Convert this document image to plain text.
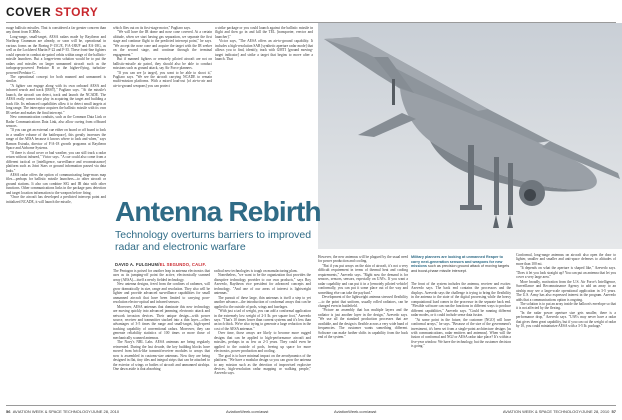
COVER STORY

ruage ballistic missiles. That is considered a far greater concern than any threat from ICBMs.

Long-range, small-target, AESA radars made by Raytheon and Northrop Grumman are already, or soon will be, operational in various forms on the Boeing F-15C/E, F/A-18E/F and EA-18G, as well as the Lockheed Martin F-22 and F-35. These front-line fighters could operate in combat air-patrol orbits within range of the ballistic-missile launchers. But a longer-term solution would be to put the radars and missiles on larger unmanned aircraft such as the turboprop-powered Predator B or the higher-flying, turbofan-powered Predator C.

The operational concept for both manned and unmanned is similar.

"A fighter can engage along with its own onboard AESA and infrared search and track [IRST]," Pagliaro says. "At the missile's launch, the aircraft can detect, track and launch the NCADE. The AESA really comes into play in acquiring the target and building a track file. Its enhanced capabilities allow it to detect small targets at long range. The interceptor acquires the ballistic missile with its own IR seeker and makes the final intercept."

New communication conduits, such as the Common Data Link or Radar Communications Data Link, also allow cueing from offboard sensors.

"If you can get an external cue either on board or off board to look in a smaller volume of the battlespace], this greatly increases the range of the AESA because it knows where to look and when," says Ramon Estrada, director of F/A-18 growth programs at Raytheon Space and Airborne Systems.

"If there is cloud cover or bad weather, you can still track a radar return without infrared," Victor says. "A cue could also come from a different tactical or [intelligence, surveillance and reconnaissance] platform such as Joint Stars or ground information passed via data links."

AESA radar offers the option of communicating large-mass map files—perhaps for ballistic missile launchers—to other aircraft or ground stations. It also can combine SIG and IR data with other functions. Other communications links in the package pass detection and target location information to the weapon before firing.

"Once the aircraft has developed a predicted intercept point and initialized NCADE, it will launch the missile,

which flies out on its first-stage motor," Pagliaro says.

"We will have the IR dome and nose cone covered. At a certain altitude, when we start having gas separation, we separate the first stage and continue flight to the predicted intercept point," he says. "We accept the nose cone and acquire the target with the IR seeker on the second stage, and continue through the terminal engagement."

But if manned fighters or remotely piloted aircraft are not on ballistic-missile air patrol, they should also be able to conduct missions such as ground attack, say Air Force planners.

"If you can see [a target], you want to be able to shoot it," Pagliaro says. "We see the aircraft carrying NCADE to remain multi-mission platforms. With a mixed load-out [of air-to-air and air-to-ground weapons] you can protect

a strike package or you could launch against the ballistic missile in flight and then go in and kill the TEL [transporter, erector and launcher]."

Victor says, "The AESA offers an air-to-ground capability. It includes a high-resolution SAR [synthetic aperture radar mode] that allows you to find, identify, track with GMTI [ground moving-target indicator] and strike a target that begins to move after a launch. That

Antenna Rebirth
Technology overturns barriers to improved radar and electronic warfare
DAVID A. FULGHUM/EL SEGUNDO, CALIF.

The Pentagon is poised for another leap in antenna electronics that uses as its jumping-off point the active, electronically scanned array (AESA)—itself a newly fielded technology.

New antenna designs, freed from the confines of radomes, will grow dramatically in size, range and resolution. They also will be lighter and provide advanced surveillance capabilities for small unmanned aircraft that have been limited to carrying poor-resolution electro-optical and infrared sensors.

Moreover, AESA antennas that dominate this new technology are moving quickly into advanced jamming, electronic attack and network invasion devices. Their unique design—with power source, receiver and transmitter stacked into a thin layer—offers advantages of 3-5 times the range and small-target, high-speed tracking capability of conventional radars. Moreover, they can generate reliability statistics of 100 times or more those of mechanically scanned antennas.

The Navy's NRL Labs. AESA antennas are being regularly reinvented. During the last decade, the key building blocks have moved from brick-like transmit/receiver modules to arrays that now is assembled in customs-size antennas. Now they are being designed in flat, tiny tiles and integral strips that can be attached to the exterior of wings or bodies of aircraft and unmanned airships. One dawn aside is that absorbing

radical new technologies is tough on manufacturing plans.

Nonetheless, "we want to be the organization that provides the disruptive technology provider to our own products," says Roy Azevedo, Raytheon vice president for advanced concepts and technology. "And one of our areas of interest is lightweight antennas."

The pursuit of these large, thin antennas is itself a step to yet another advance—the introduction of conformal arrays that can be applied to the outside of pods, wings and fuselages.

"With just a tad of weight, you can add a conformal application in the extremely low weight of 2-3 lb. per square foot," Azevedo says. "That's 10 times lower than current systems and it's less than an inch thick. We're also trying to generate a large reduction in the cost of the AESA antennas."

Over time, those arrays are likely to become more rugged designs that can be applied to high-performance aircraft and missiles, perhaps in as few as 2-3 years. They could even be applied to the outside of pods, freeing up space for more electronics, power production and cooling.

The goal is to have minimal impact on the aerodynamics of the platform. "We have a modular design so you can grow the antenna to any mission such as the detection of improvised explosive devices, high-resolution radar mapping or walking people," Azevedo says.

However, the new antennas will be plagued by the usual need for power production and cooling.

"But if you put arrays on the skin of aircraft, it's not a very difficult requirement in terms of thermal heat and cooling requirements," Azevedo says. "Right now the demand is for sensors, sensors, sensors, especially on UAVs. If you want a radar capability and can put it in a [remotely piloted vehicle] conformally, you can put it some place out of the way and something else can take the payload."

Development of the lightweight antenna stressed flexibility—to the point that uniform, usually rolled radiators, can be changed even in battlefield.

"Picture an assembly that has multiple layers and the radiator is just another layer in the design," Azevedo says. "We use all the standard production processes that are available, and the design is flexible across a very wide band of frequencies. The customer wants something different. Software can make further shifts in capability from the back end of the system."

Military planners are looking at unmanned Reaper to carry next-generation sensors and weapons for new missions such as precision ground attack of moving targets and boost-phase missile intercept.

The front of the system includes the antenna, receiver and exciter. Azevedo says. The back end contains the processors and the displays. Azevedo says the challenge is trying to bring the flexibility in the antenna to the state of the digital processing while the heavy computational load comes in the processor in the separate back end. "Flexible software can run the functions in different ways to produce different capabilities," Azevedo says. "Could be running different radar modes, or it could include sense data fusion.

"At some point in the future, the customer [NGO] will have conformal arrays," he says. "Because of the size of the government's investment, it's been set from a single-point architecture designs [as with communications, radar emitters and antennas]. When will the fusion of conformal and NGJ or AESA radar take place? It's within a five-year window. We have the technology, but the customer decision is going."

Conformal, long-range antennas on aircraft also open the door to lighter, smaller and smaller and anti-space defenses to altitudes of more than 100 mi.

"It depends on what the aperture is shaped like," Azevedo says. "Does it let you look straight up? You can put an antenna that let you cover a very large area."

More broadly, motivation from the U.S. Air Force's Intelligence, Surveillance and Reconnaissance Agency to add an array to an airship may see a large-scale operational application in 3-5 years. The U.S. Army has also expressed interest in the program. Azevedo adds that a communications option is ongoing.

The solution is to put an array inside the balloon's envelope so that it is not affected by the flexing.

"In the radar power aperture size gets smaller, there is a performance drop," Azevedo says. "UAVs may never have a radar that gives them great capability, but if you can cut the weight of radar by 10, you could miniaturize AESA with a 3-5 lb. package."

56 AVIATION WEEK & SPACE TECHNOLOGY/JUNE 28, 2010	AviationWeek.com/awst	AviationWeek.com/awst	AVIATION WEEK & SPACE TECHNOLOGY/JUNE 28, 2010 57
